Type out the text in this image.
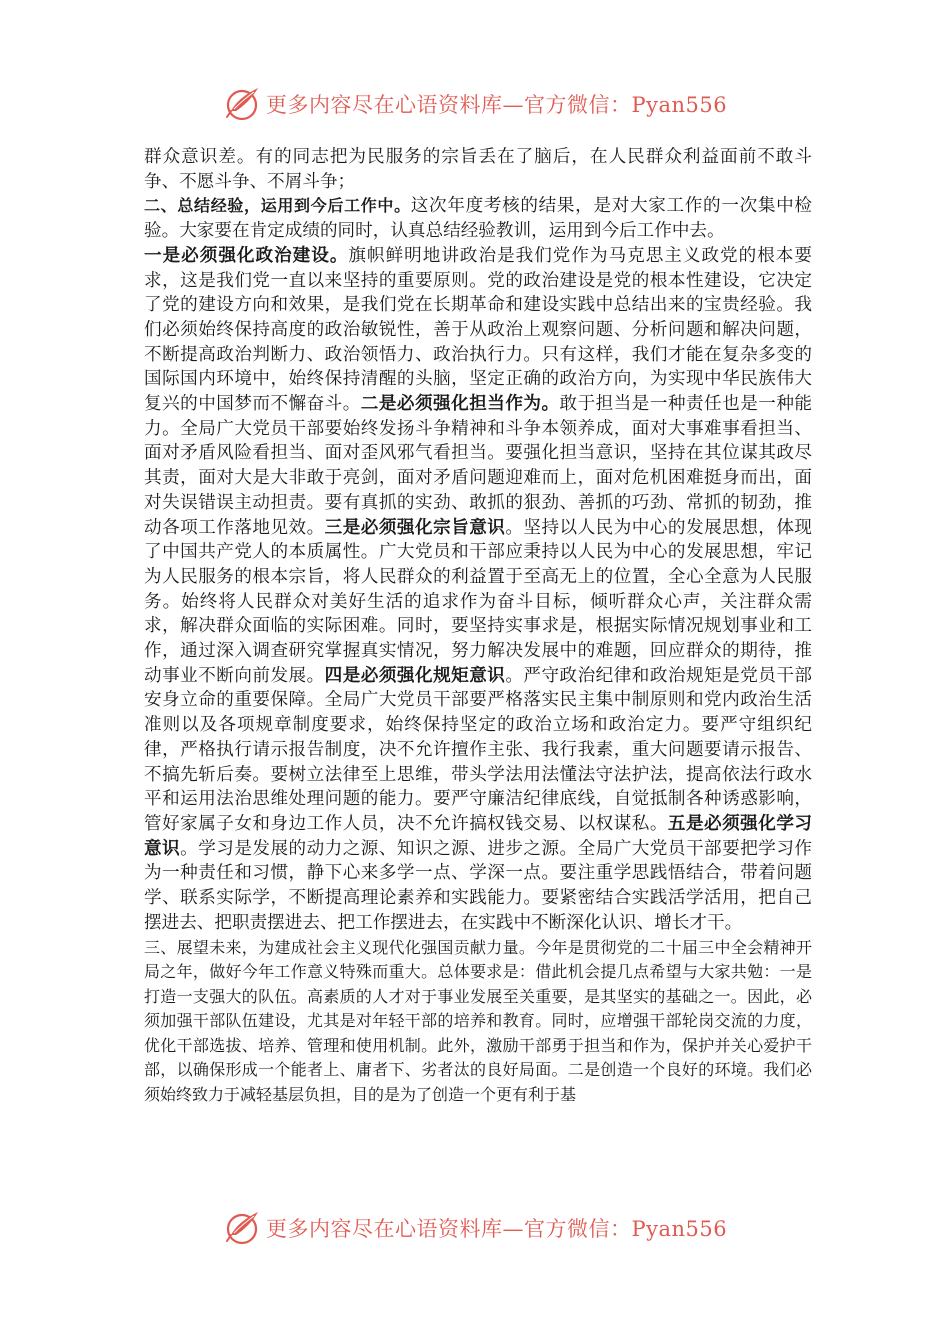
更多内容尽在心语资料库—官方微信：Pyan556

群众意识差。有的同志把为民服务的宗旨丢在了脑后，在人民群众利益面前不敢斗争、不愿斗争、不屑斗争；

二、总结经验，运用到今后工作中。这次年度考核的结果，是对大家工作的一次集中检验。大家要在肯定成绩的同时，认真总结经验教训，运用到今后工作中去。

一是必须强化政治建设。旗帜鲜明地讲政治是我们党作为马克思主义政党的根本要求，这是我们党一直以来坚持的重要原则。党的政治建设是党的根本性建设，它决定了党的建设方向和效果，是我们党在长期革命和建设实践中总结出来的宝贵经验。我们必须始终保持高度的政治敏锐性，善于从政治上观察问题、分析问题和解决问题，不断提高政治判断力、政治领悟力、政治执行力。只有这样，我们才能在复杂多变的国际国内环境中，始终保持清醒的头脑，坚定正确的政治方向，为实现中华民族伟大复兴的中国梦而不懈奋斗。二是必须强化担当作为。敢于担当是一种责任也是一种能力。全局广大党员干部要始终发扬斗争精神和斗争本领养成，面对大事难事看担当、面对矛盾风险看担当、面对歪风邪气看担当。要强化担当意识，坚持在其位谋其政尽其责，面对大是大非敢于亮剑，面对矛盾问题迎难而上，面对危机困难挺身而出，面对失误错误主动担责。要有真抓的实劲、敢抓的狠劲、善抓的巧劲、常抓的韧劲，推动各项工作落地见效。三是必须强化宗旨意识。坚持以人民为中心的发展思想，体现了中国共产党人的本质属性。广大党员和干部应秉持以人民为中心的发展思想，牢记为人民服务的根本宗旨，将人民群众的利益置于至高无上的位置，全心全意为人民服务。始终将人民群众对美好生活的追求作为奋斗目标，倾听群众心声，关注群众需求，解决群众面临的实际困难。同时，要坚持实事求是，根据实际情况规划事业和工作，通过深入调查研究掌握真实情况，努力解决发展中的难题，回应群众的期待，推动事业不断向前发展。四是必须强化规矩意识。严守政治纪律和政治规矩是党员干部安身立命的重要保障。全局广大党员干部要严格落实民主集中制原则和党内政治生活准则以及各项规章制度要求，始终保持坚定的政治立场和政治定力。要严守组织纪律，严格执行请示报告制度，决不允许擅作主张、我行我素，重大问题要请示报告、不搞先斩后奏。要树立法律至上思维，带头学法用法懂法守法护法，提高依法行政水平和运用法治思维处理问题的能力。要严守廉洁纪律底线，自觉抵制各种诱惑影响，管好家属子女和身边工作人员，决不允许搞权钱交易、以权谋私。五是必须强化学习意识。学习是发展的动力之源、知识之源、进步之源。全局广大党员干部要把学习作为一种责任和习惯，静下心来多学一点、学深一点。要注重学思践悟结合，带着问题学、联系实际学，不断提高理论素养和实践能力。要紧密结合实践活学活用，把自己摆进去、把职责摆进去、把工作摆进去，在实践中不断深化认识、增长才干。

三、展望未来，为建成社会主义现代化强国贡献力量。今年是贯彻党的二十届三中全会精神开局之年，做好今年工作意义特殊而重大。总体要求是：借此机会提几点希望与大家共勉：一是打造一支强大的队伍。高素质的人才对于事业发展至关重要，是其坚实的基础之一。因此，必须加强干部队伍建设，尤其是对年轻干部的培养和教育。同时，应增强干部轮岗交流的力度，优化干部选拔、培养、管理和使用机制。此外，激励干部勇于担当和作为，保护并关心爱护干部，以确保形成一个能者上、庸者下、劣者汰的良好局面。二是创造一个良好的环境。我们必须始终致力于减轻基层负担，目的是为了创造一个更有利于基

更多内容尽在心语资料库—官方微信：Pyan556
